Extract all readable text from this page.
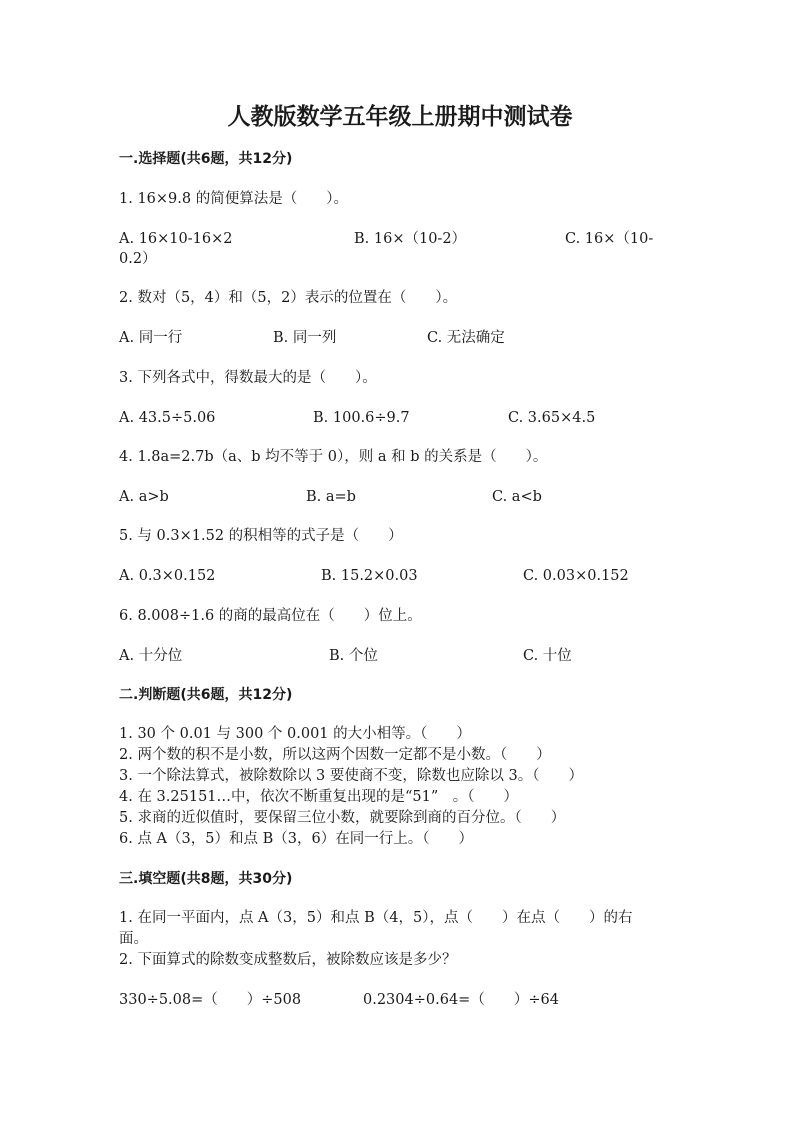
人教版数学五年级上册期中测试卷
一.选择题(共6题，共12分)
1. 16×9.8 的简便算法是（　　）。
A. 16×10-16×2	B. 16×（10-2）	C. 16×（10-
0.2）
2. 数对（5，4）和（5，2）表示的位置在（　　）。
A. 同一行	B. 同一列	C. 无法确定
3. 下列各式中，得数最大的是（　　）。
A. 43.5÷5.06	B. 100.6÷9.7	C. 3.65×4.5
4. 1.8a=2.7b（a、b 均不等于 0），则 a 和 b 的关系是（　　）。
A. a>b	B. a=b	C. a<b
5. 与 0.3×1.52 的积相等的式子是（　　）
A. 0.3×0.152	B. 15.2×0.03	C. 0.03×0.152
6. 8.008÷1.6 的商的最高位在（　　）位上。
A. 十分位	B. 个位	C. 十位
二.判断题(共6题，共12分)
1. 30 个 0.01 与 300 个 0.001 的大小相等。（　　）
2. 两个数的积不是小数，所以这两个因数一定都不是小数。（　　）
3. 一个除法算式，被除数除以 3 要使商不变，除数也应除以 3。（　　）
4. 在 3.25151…中，依次不断重复出现的是“51”　。（　　）
5. 求商的近似值时，要保留三位小数，就要除到商的百分位。（　　）
6. 点 A（3，5）和点 B（3，6）在同一行上。（　　）
三.填空题(共8题，共30分)
1. 在同一平面内，点 A（3，5）和点 B（4，5），点（　　）在点（　　）的右
面。
2. 下面算式的除数变成整数后，被除数应该是多少？
330÷5.08=（　　）÷508	0.2304÷0.64=（　　）÷64
